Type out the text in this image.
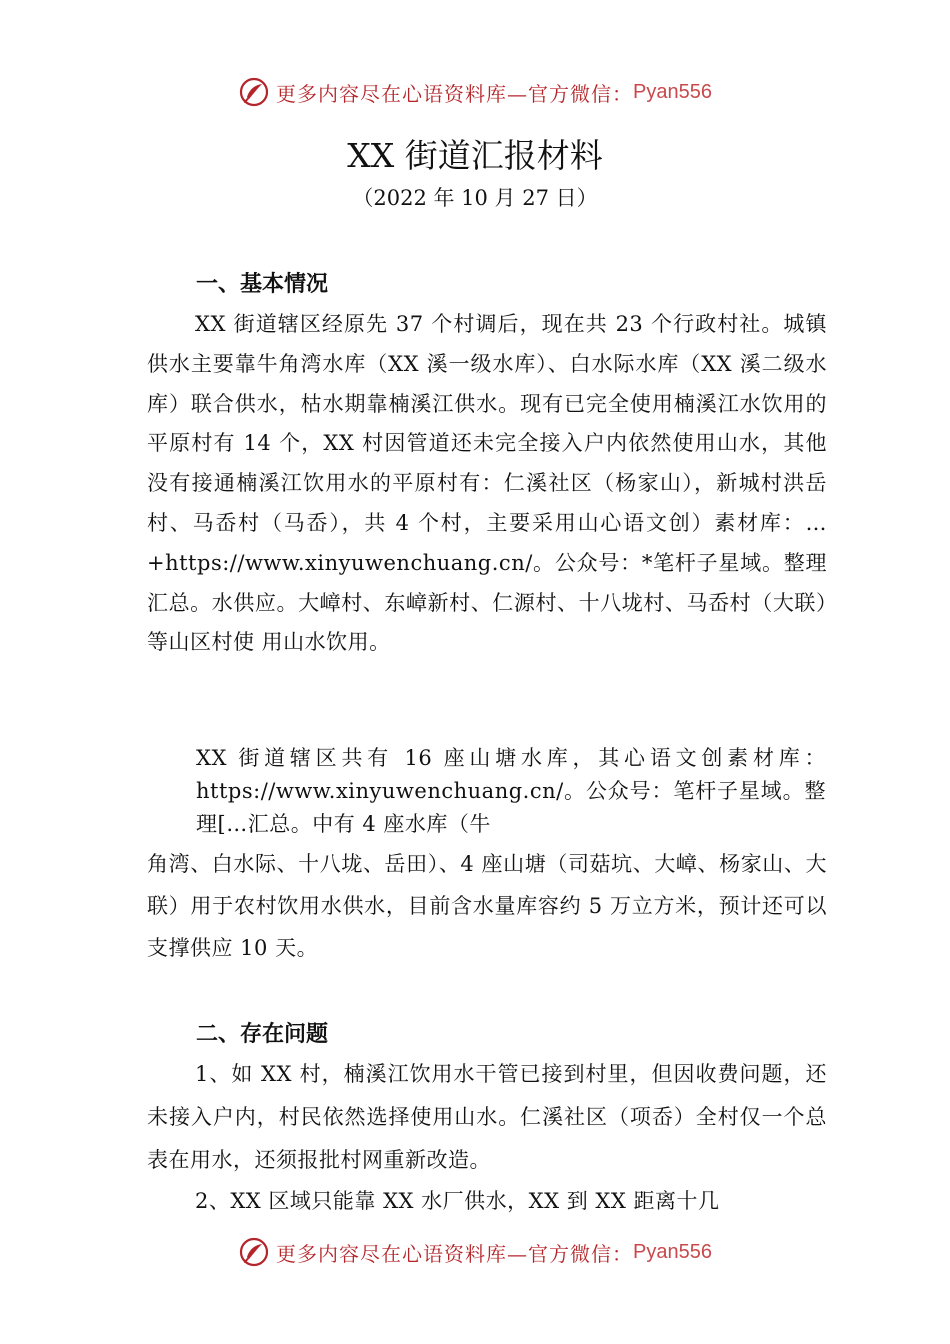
更多内容尽在心语资料库—官方微信： Pyan556
XX 街道汇报材料
（2022 年 10 月 27 日）
一、基本情况
XX 街道辖区经原先 37 个村调后，现在共 23 个行政村社。城镇供水主要靠牛角湾水库（XX 溪一级水库）、白水际水库（XX 溪二级水库）联合供水，枯水期靠楠溪江供水。现有已完全使用楠溪江水饮用的平原村有 14 个，XX 村因管道还未完全接入户内依然使用山水，其他没有接通楠溪江饮用水的平原村有：仁溪社区（杨家山），新城村洪岳村、马岙村（马岙），共 4 个村，主要采用山心语文创）素材库：…+https://www.xinyuwenchuang.cn/。公众号：*笔杆子星域。整理汇总。水供应。大嶂村、东嶂新村、仁源村、十八垅村、马岙村（大联）等山区村使 用山水饮用。
XX 街道辖区共有 16 座山塘水库，其心语文创素材库：https://www.xinyuwenchuang.cn/。公众号：笔杆子星域。整理[…汇总。中有 4 座水库（牛
角湾、白水际、十八垅、岳田）、4 座山塘（司菇坑、大嶂、杨家山、大联）用于农村饮用水供水，目前含水量库容约 5 万立方米，预计还可以支撑供应 10 天。
二、存在问题
1、如 XX 村，楠溪江饮用水干管已接到村里，但因收费问题，还未接入户内，村民依然选择使用山水。仁溪社区（项岙）全村仅一个总表在用水，还须报批村网重新改造。
2、XX 区域只能靠 XX 水厂供水，XX 到 XX 距离十几
更多内容尽在心语资料库—官方微信： Pyan556
